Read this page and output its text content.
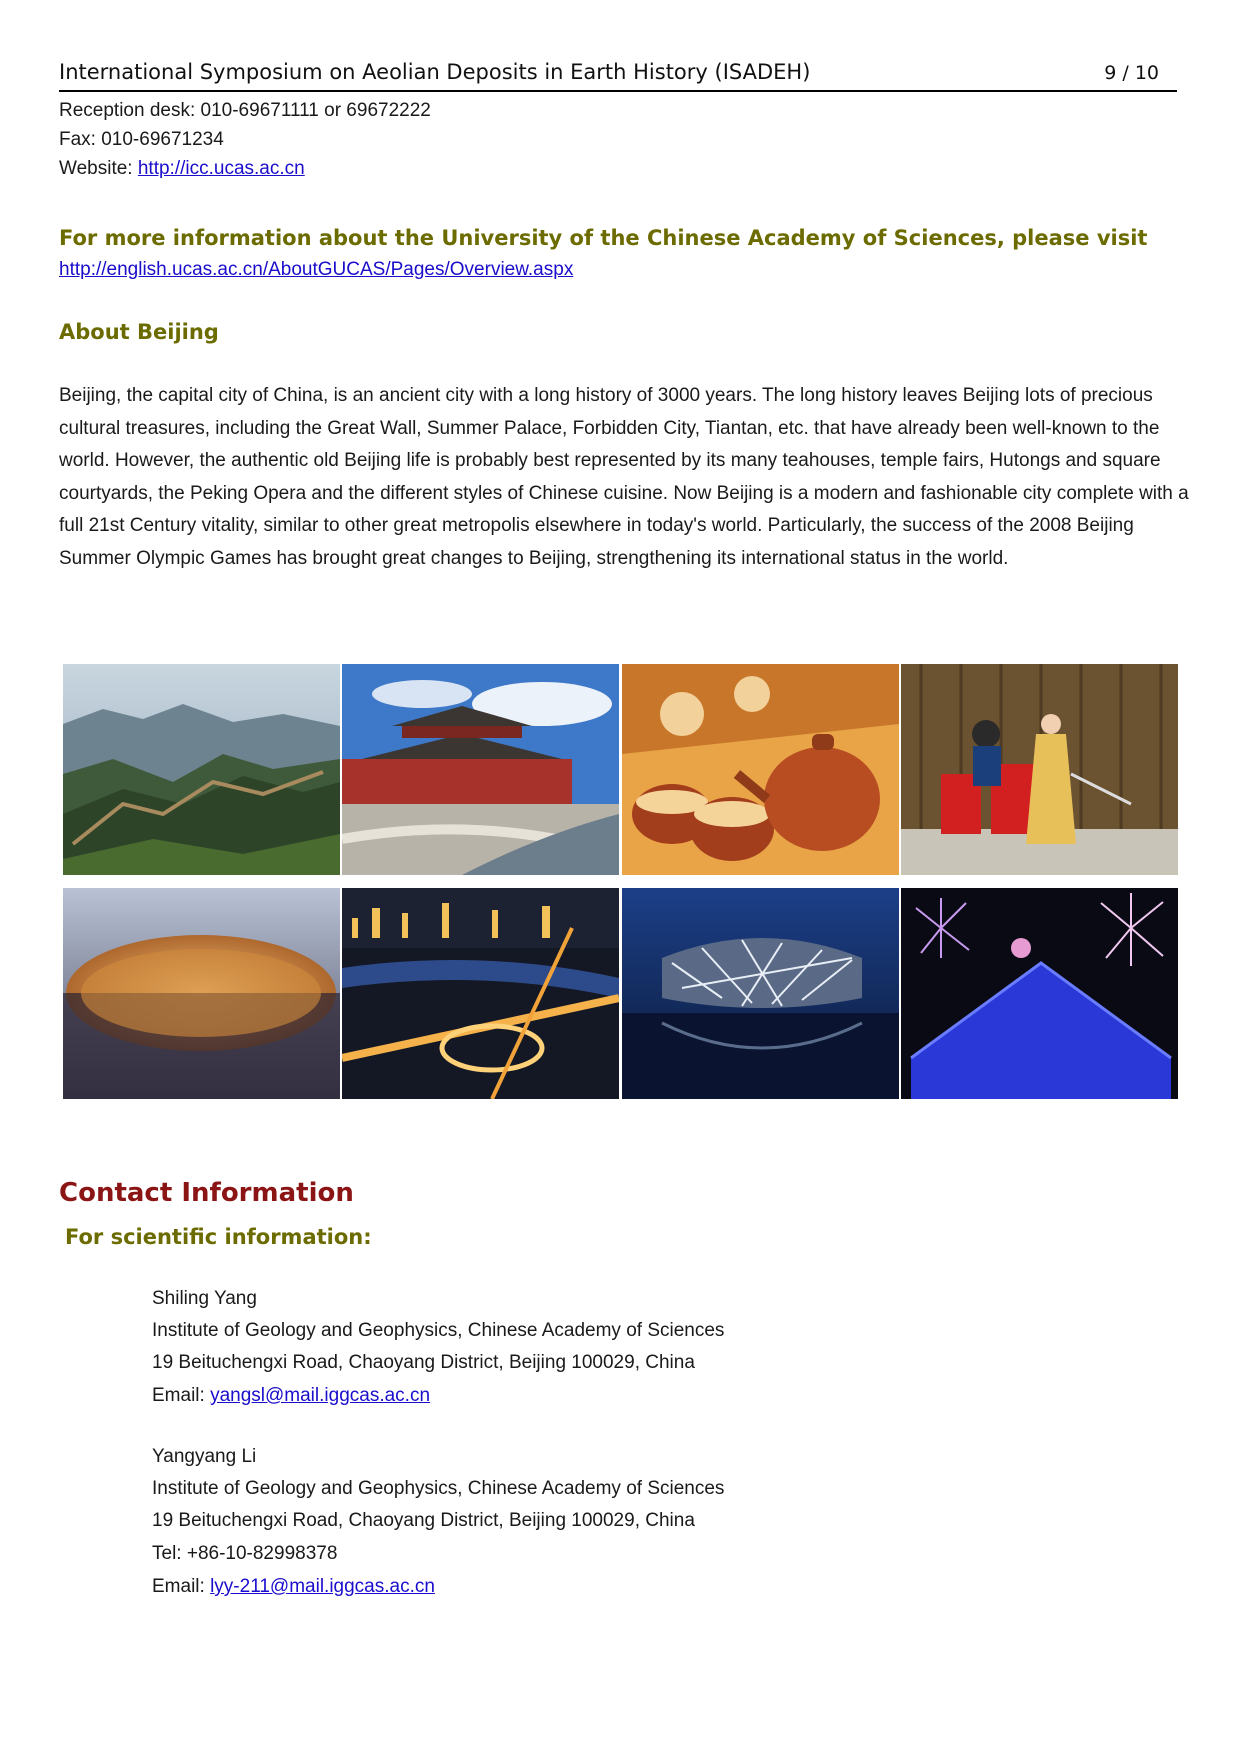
International Symposium on Aeolian Deposits in Earth History (ISADEH)	9 / 10
Reception desk: 010-69671111 or 69672222
Fax: 010-69671234
Website: http://icc.ucas.ac.cn
For more information about the University of the Chinese Academy of Sciences, please visit
http://english.ucas.ac.cn/AboutGUCAS/Pages/Overview.aspx
About Beijing

Beijing, the capital city of China, is an ancient city with a long history of 3000 years. The long history leaves Beijing lots of precious cultural treasures, including the Great Wall, Summer Palace, Forbidden City, Tiantan, etc. that have already been well-known to the world. However, the authentic old Beijing life is probably best represented by its many teahouses, temple fairs, Hutongs and square courtyards, the Peking Opera and the different styles of Chinese cuisine. Now Beijing is a modern and fashionable city complete with a full 21st Century vitality, similar to other great metropolis elsewhere in today's world. Particularly, the success of the 2008 Beijing Summer Olympic Games has brought great changes to Beijing, strengthening its international status in the world.

Contact Information
For scientific information:
Shiling Yang
Institute of Geology and Geophysics, Chinese Academy of Sciences
19 Beituchengxi Road, Chaoyang District, Beijing 100029, China
Email: yangsl@mail.iggcas.ac.cn
Yangyang Li
Institute of Geology and Geophysics, Chinese Academy of Sciences
19 Beituchengxi Road, Chaoyang District, Beijing 100029, China
Tel: +86-10-82998378
Email: lyy-211@mail.iggcas.ac.cn
